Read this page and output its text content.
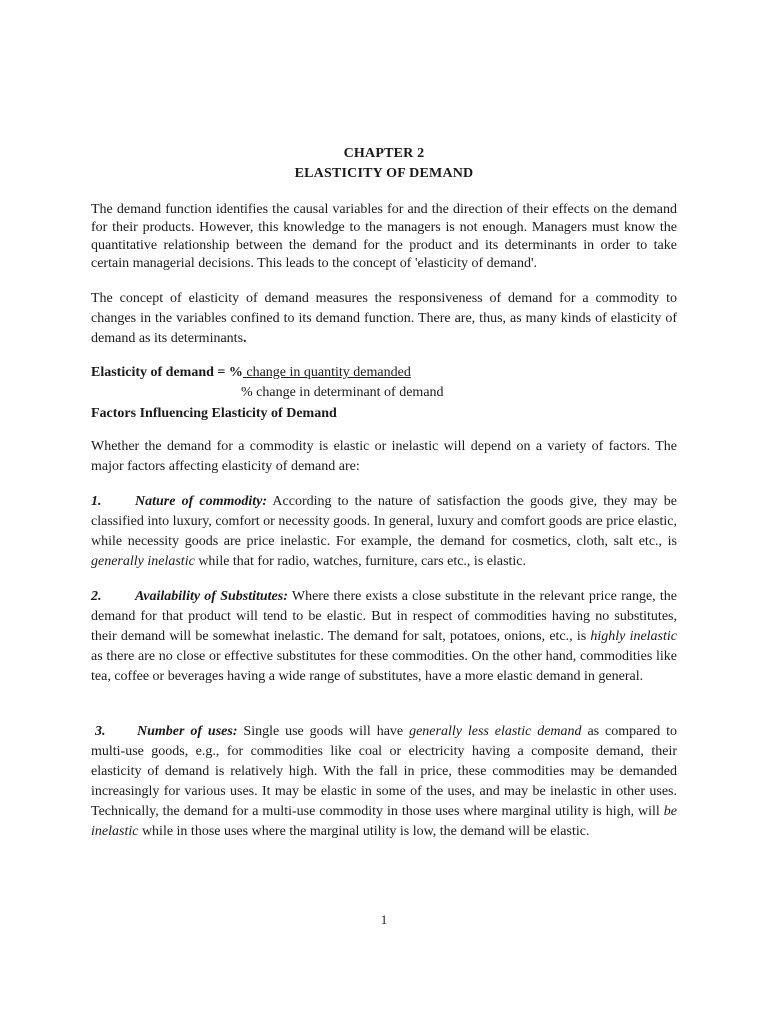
CHAPTER 2
ELASTICITY OF DEMAND

The demand function identifies the causal variables for and the direction of their effects on the demand for their products. However, this knowledge to the managers is not enough. Managers must know the quantitative relationship between the demand for the product and its determinants in order to take certain managerial decisions. This leads to the concept of 'elasticity of demand'.

The concept of elasticity of demand measures the responsiveness of demand for a commodity to changes in the variables confined to its demand function. There are, thus, as many kinds of elasticity of demand as its determinants.

Elasticity of demand = % change in quantity demanded
% change in determinant of demand
Factors Influencing Elasticity of Demand

Whether the demand for a commodity is elastic or inelastic will depend on a variety of factors. The major factors affecting elasticity of demand are:

1. Nature of commodity: According to the nature of satisfaction the goods give, they may be classified into luxury, comfort or necessity goods. In general, luxury and comfort goods are price elastic, while necessity goods are price inelastic. For example, the demand for cosmetics, cloth, salt etc., is generally inelastic while that for radio, watches, furniture, cars etc., is elastic.

2. Availability of Substitutes: Where there exists a close substitute in the relevant price range, the demand for that product will tend to be elastic. But in respect of commodities having no substitutes, their demand will be somewhat inelastic. The demand for salt, potatoes, onions, etc., is highly inelastic as there are no close or effective substitutes for these commodities. On the other hand, commodities like tea, coffee or beverages having a wide range of substitutes, have a more elastic demand in general.

3. Number of uses: Single use goods will have generally less elastic demand as compared to multi-use goods, e.g., for commodities like coal or electricity having a composite demand, their elasticity of demand is relatively high. With the fall in price, these commodities may be demanded increasingly for various uses. It may be elastic in some of the uses, and may be inelastic in other uses. Technically, the demand for a multi-use commodity in those uses where marginal utility is high, will be inelastic while in those uses where the marginal utility is low, the demand will be elastic.

1
